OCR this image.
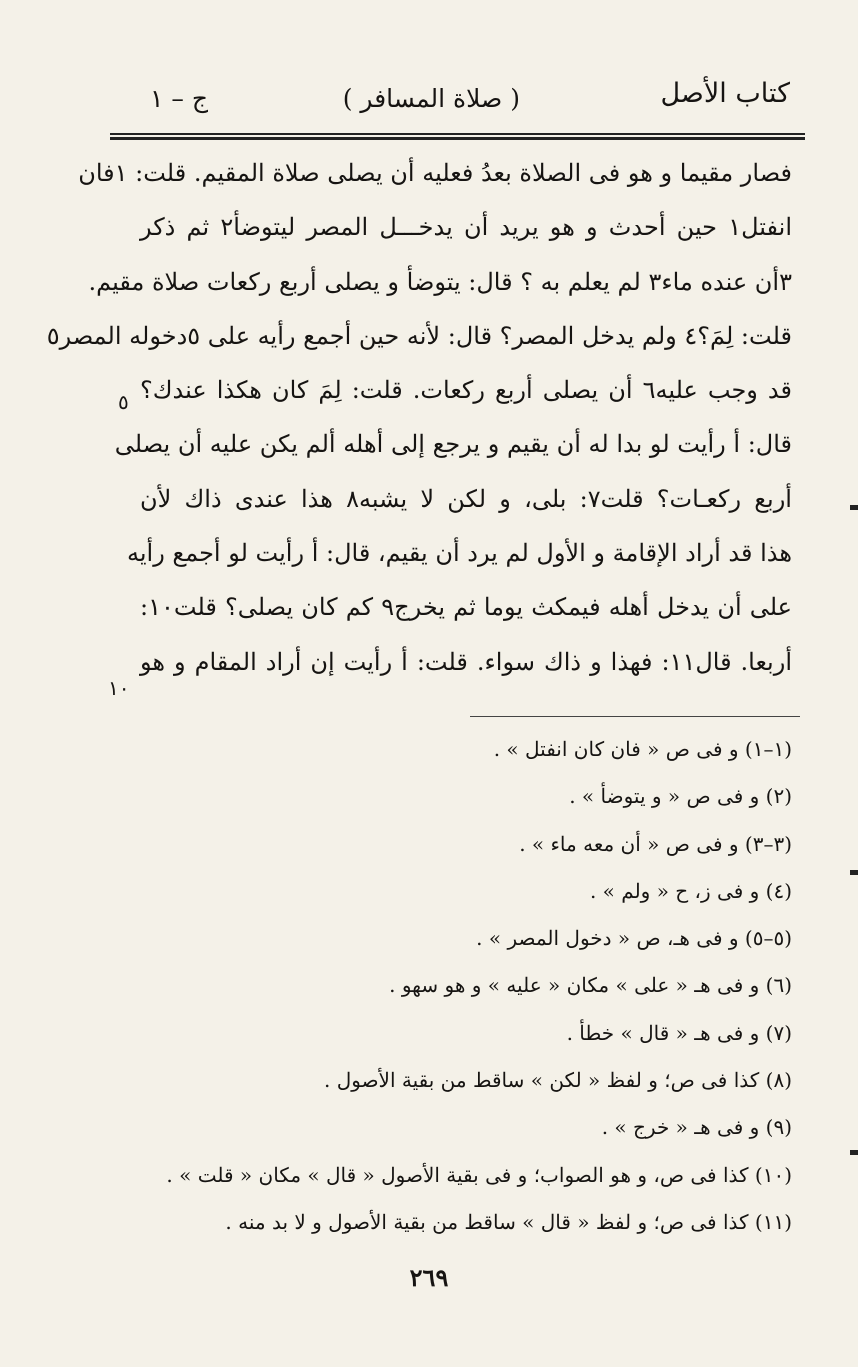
كتاب الأصل
( صلاة المسافر )
ج – ١
فصار مقيما و هو فى الصلاة بعدُ فعليه أن يصلى صلاة المقيم. قلت: ١فان
انفتل١ حين أحدث و هو يريد أن يدخـــل المصر ليتوضأ٢ ثم ذكر
٣أن عنده ماء٣ لم يعلم به ؟ قال: يتوضأ و يصلى أربع ركعات صلاة مقيم.
قلت: لِمَ؟٤ ولم يدخل المصر؟ قال: لأنه حين أجمع رأيه على ٥دخوله المصر٥
قد وجب عليه٦ أن يصلى أربع ركعات. قلت: لِمَ كان هكذا عندك؟
قال: أ رأيت لو بدا له أن يقيم و يرجع إلى أهله ألم يكن عليه أن يصلى
أربع ركعـات؟ قلت٧: بلى، و لكن لا يشبه٨ هذا عندى ذاك لأن
هذا قد أراد الإقامة و الأول لم يرد أن يقيم، قال: أ رأيت لو أجمع رأيه
على أن يدخل أهله فيمكث يوما ثم يخرج٩ كم كان يصلى؟ قلت١٠:
أربعا. قال١١: فهذا و ذاك سواء. قلت: أ رأيت إن أراد المقام و هو
٥
١٠
(١–١) و فى ص « فان كان انفتل » .
(٢) و فى ص « و يتوضأ » .
(٣–٣) و فى ص « أن معه ماء » .
(٤) و فى ز، ح « ولم » .
(٥–٥) و فى هـ، ص « دخول المصر » .
(٦) و فى هـ « على » مكان « عليه » و هو سهو .
(٧) و فى هـ « قال » خطأ .
(٨) كذا فى ص؛ و لفظ « لكن » ساقط من بقية الأصول .
(٩) و فى هـ « خرج » .
(١٠) كذا فى ص، و هو الصواب؛ و فى بقية الأصول « قال » مكان « قلت » .
(١١) كذا فى ص؛ و لفظ « قال » ساقط من بقية الأصول و لا بد منه .
٢٦٩
